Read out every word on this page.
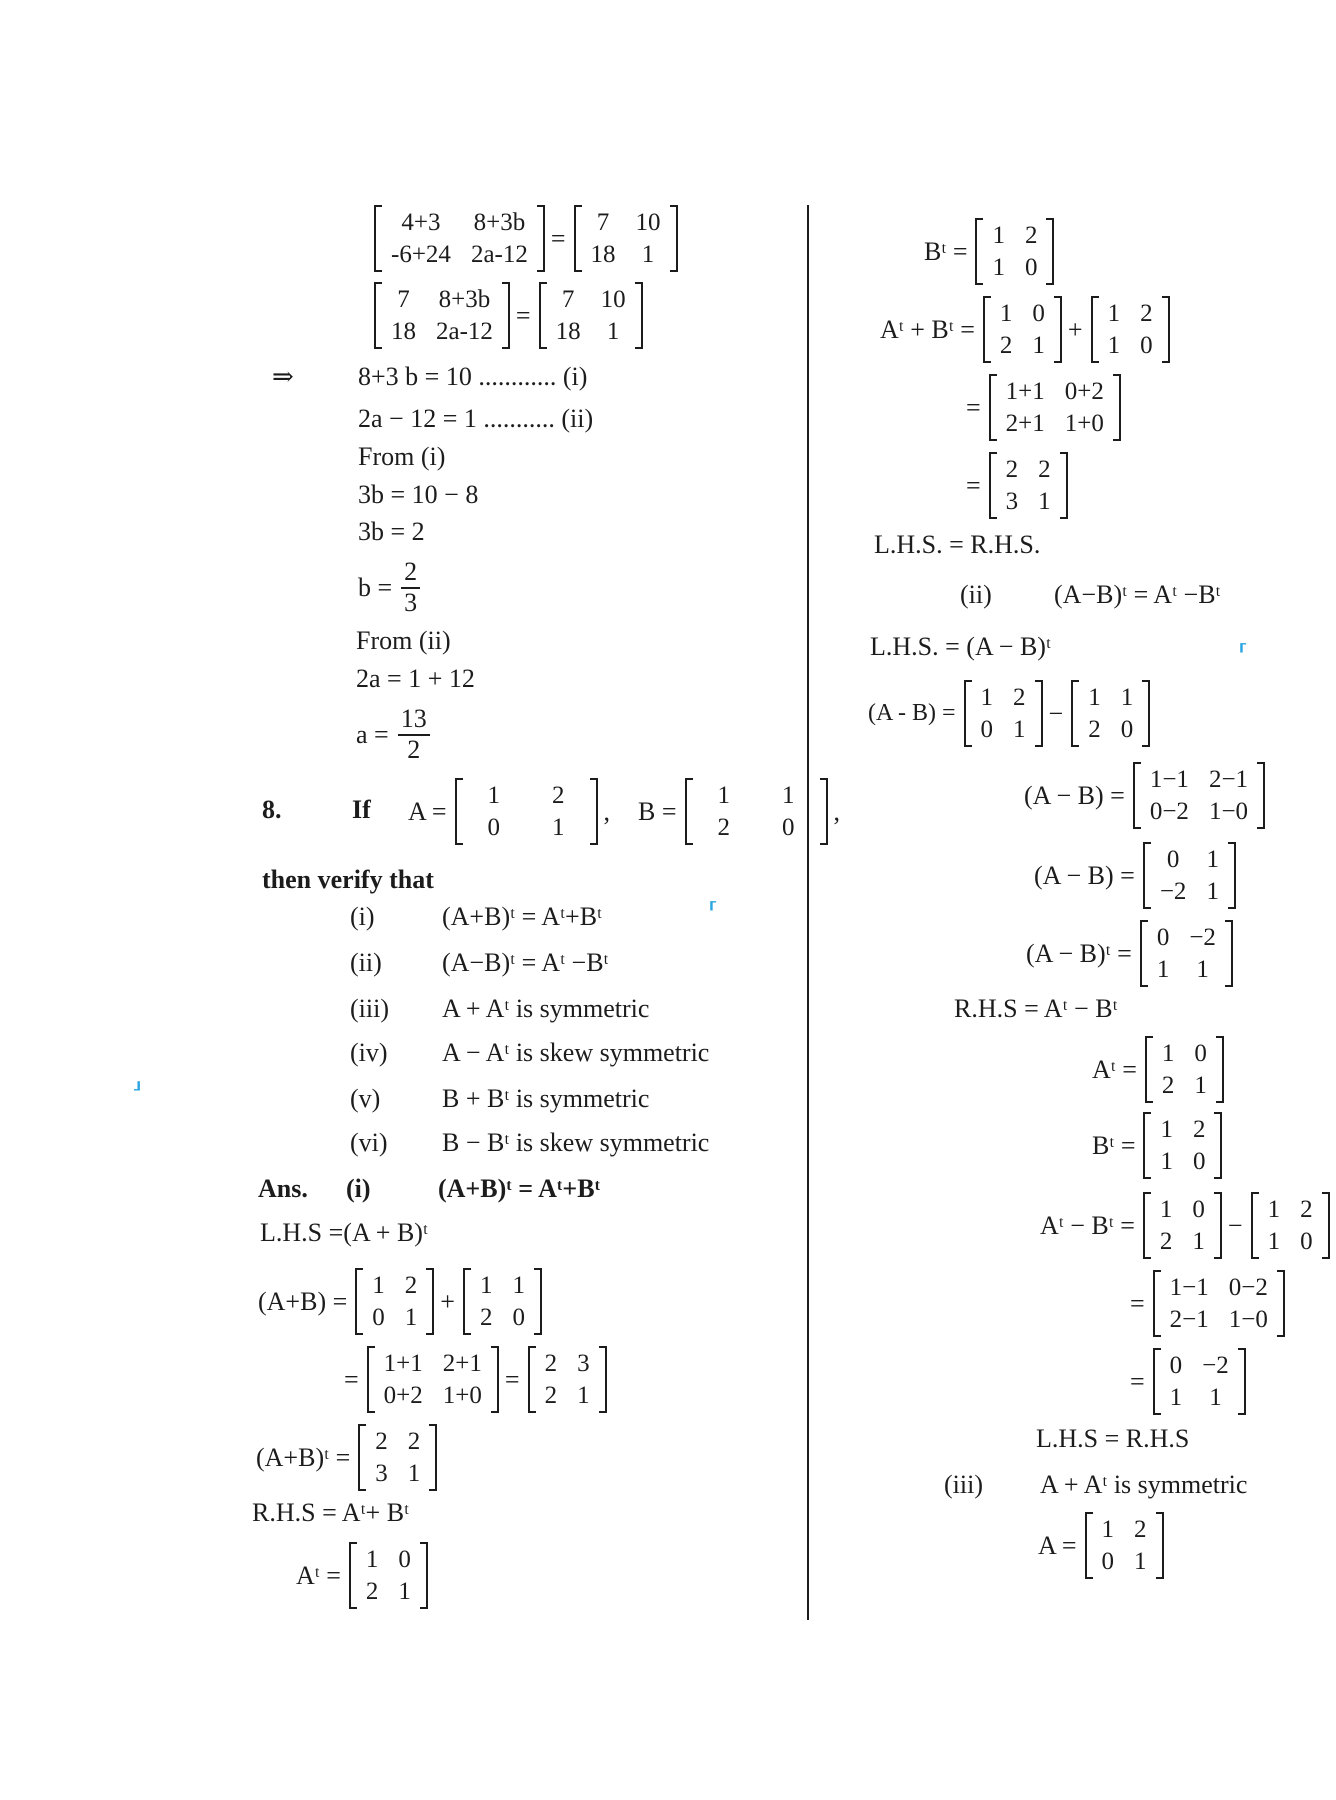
4+3	8+3b
-6+24	2a-12
=
7	10
18	1
7	8+3b
18	2a-12
=
7	10
18	1
⇒ 8+3 b = 10 ............ (i)
2a − 12 = 1 ........... (ii)
From (i)
3b = 10 − 8
3b = 2
$b = \frac{2}{3}$
From (ii)
2a = 1 + 12
$a = \frac{13}{2}$
8.	If A =
1	2
0	1
, B =
1	1
2	0
,
then verify that
(i)	(A+B)ᵗ = Aᵗ+Bᵗ
(ii) (A−B)ᵗ = Aᵗ −Bᵗ
(iii) A + Aᵗ is symmetric
(iv) A − Aᵗ is skew symmetric
(v) B + Bᵗ is symmetric
(vi) B − Bᵗ is skew symmetric
Ans. (i)	(A+B)ᵗ = Aᵗ+Bᵗ
L.H.S =(A + B)ᵗ
(A+B) =
1	2
0	1
+
1	1
2	0
=
1+1	2+1
0+2	1+0
=
2	3
2	1
(A+B)ᵗ =
2	2
3	1
R.H.S = Aᵗ+ Bᵗ
Aᵗ =
1	0
2	1
Bᵗ =
1	2
1	0
Aᵗ + Bᵗ =
1	0
2	1
+
1	2
1	0
=
1+1	0+2
2+1	1+0
=
2	2
3	1
L.H.S. = R.H.S.
(ii) (A−B)ᵗ = Aᵗ −Bᵗ
L.H.S. = (A − B)ᵗ
(A - B) =
1	2
0	1
−
1	1
2	0
(A − B) =
1−1	2−1
0−2	1−0
(A − B) =
0	1
−2	1
(A − B)ᵗ =
0	−2
1	1
R.H.S = Aᵗ − Bᵗ
Aᵗ =
1	0
2	1
Bᵗ =
1	2
1	0
Aᵗ − Bᵗ =
1	0
2	1
−
1	2
1	0
=
1−1	0−2
2−1	1−0
=
0	−2
1	1
L.H.S = R.H.S
(iii) A + Aᵗ is symmetric
A =
1	2
0	1
⸢
⸢
⸥
